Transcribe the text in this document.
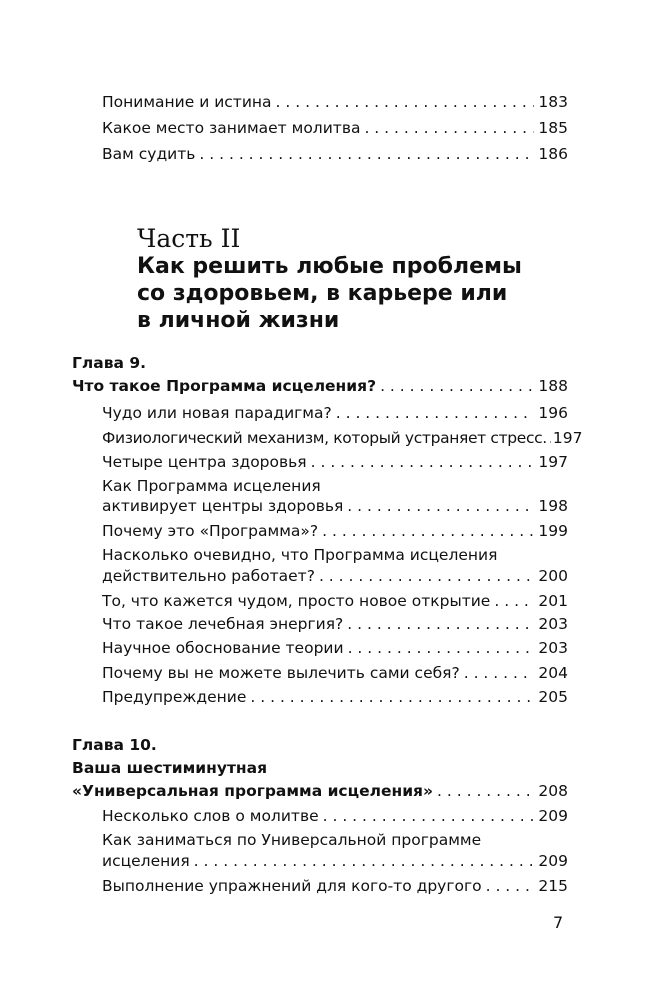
Понимание и истина . . .	183
Какое место занимает молитва . . .	185
Вам судить . . .	186
Часть II
Как решить любые проблемы
со здоровьем, в карьере или
в личной жизни
Глава 9.
Что такое Программа исцеления? . . .	188
Чудо или новая парадигма? . . .	196
Физиологический механизм, который устраняет стресс. . . . 197
Четыре центра здоровья . . .	197
Как Программа исцеления
активирует центры здоровья . . .	198
Почему это «Программа»? . . .	199
Насколько очевидно, что Программа исцеления
действительно работает? . . .	200
То, что кажется чудом, просто новое открытие . . .	201
Что такое лечебная энергия? . . .	203
Научное обоснование теории . . .	203
Почему вы не можете вылечить сами себя? . . .	204
Предупреждение . . .	205
Глава 10.
Ваша шестиминутная
«Универсальная программа исцеления» . . .	208
Несколько слов о молитве . . .	209
Как заниматься по Универсальной программе
исцеления . . .	209
Выполнение упражнений для кого-то другого . . .	215
7
